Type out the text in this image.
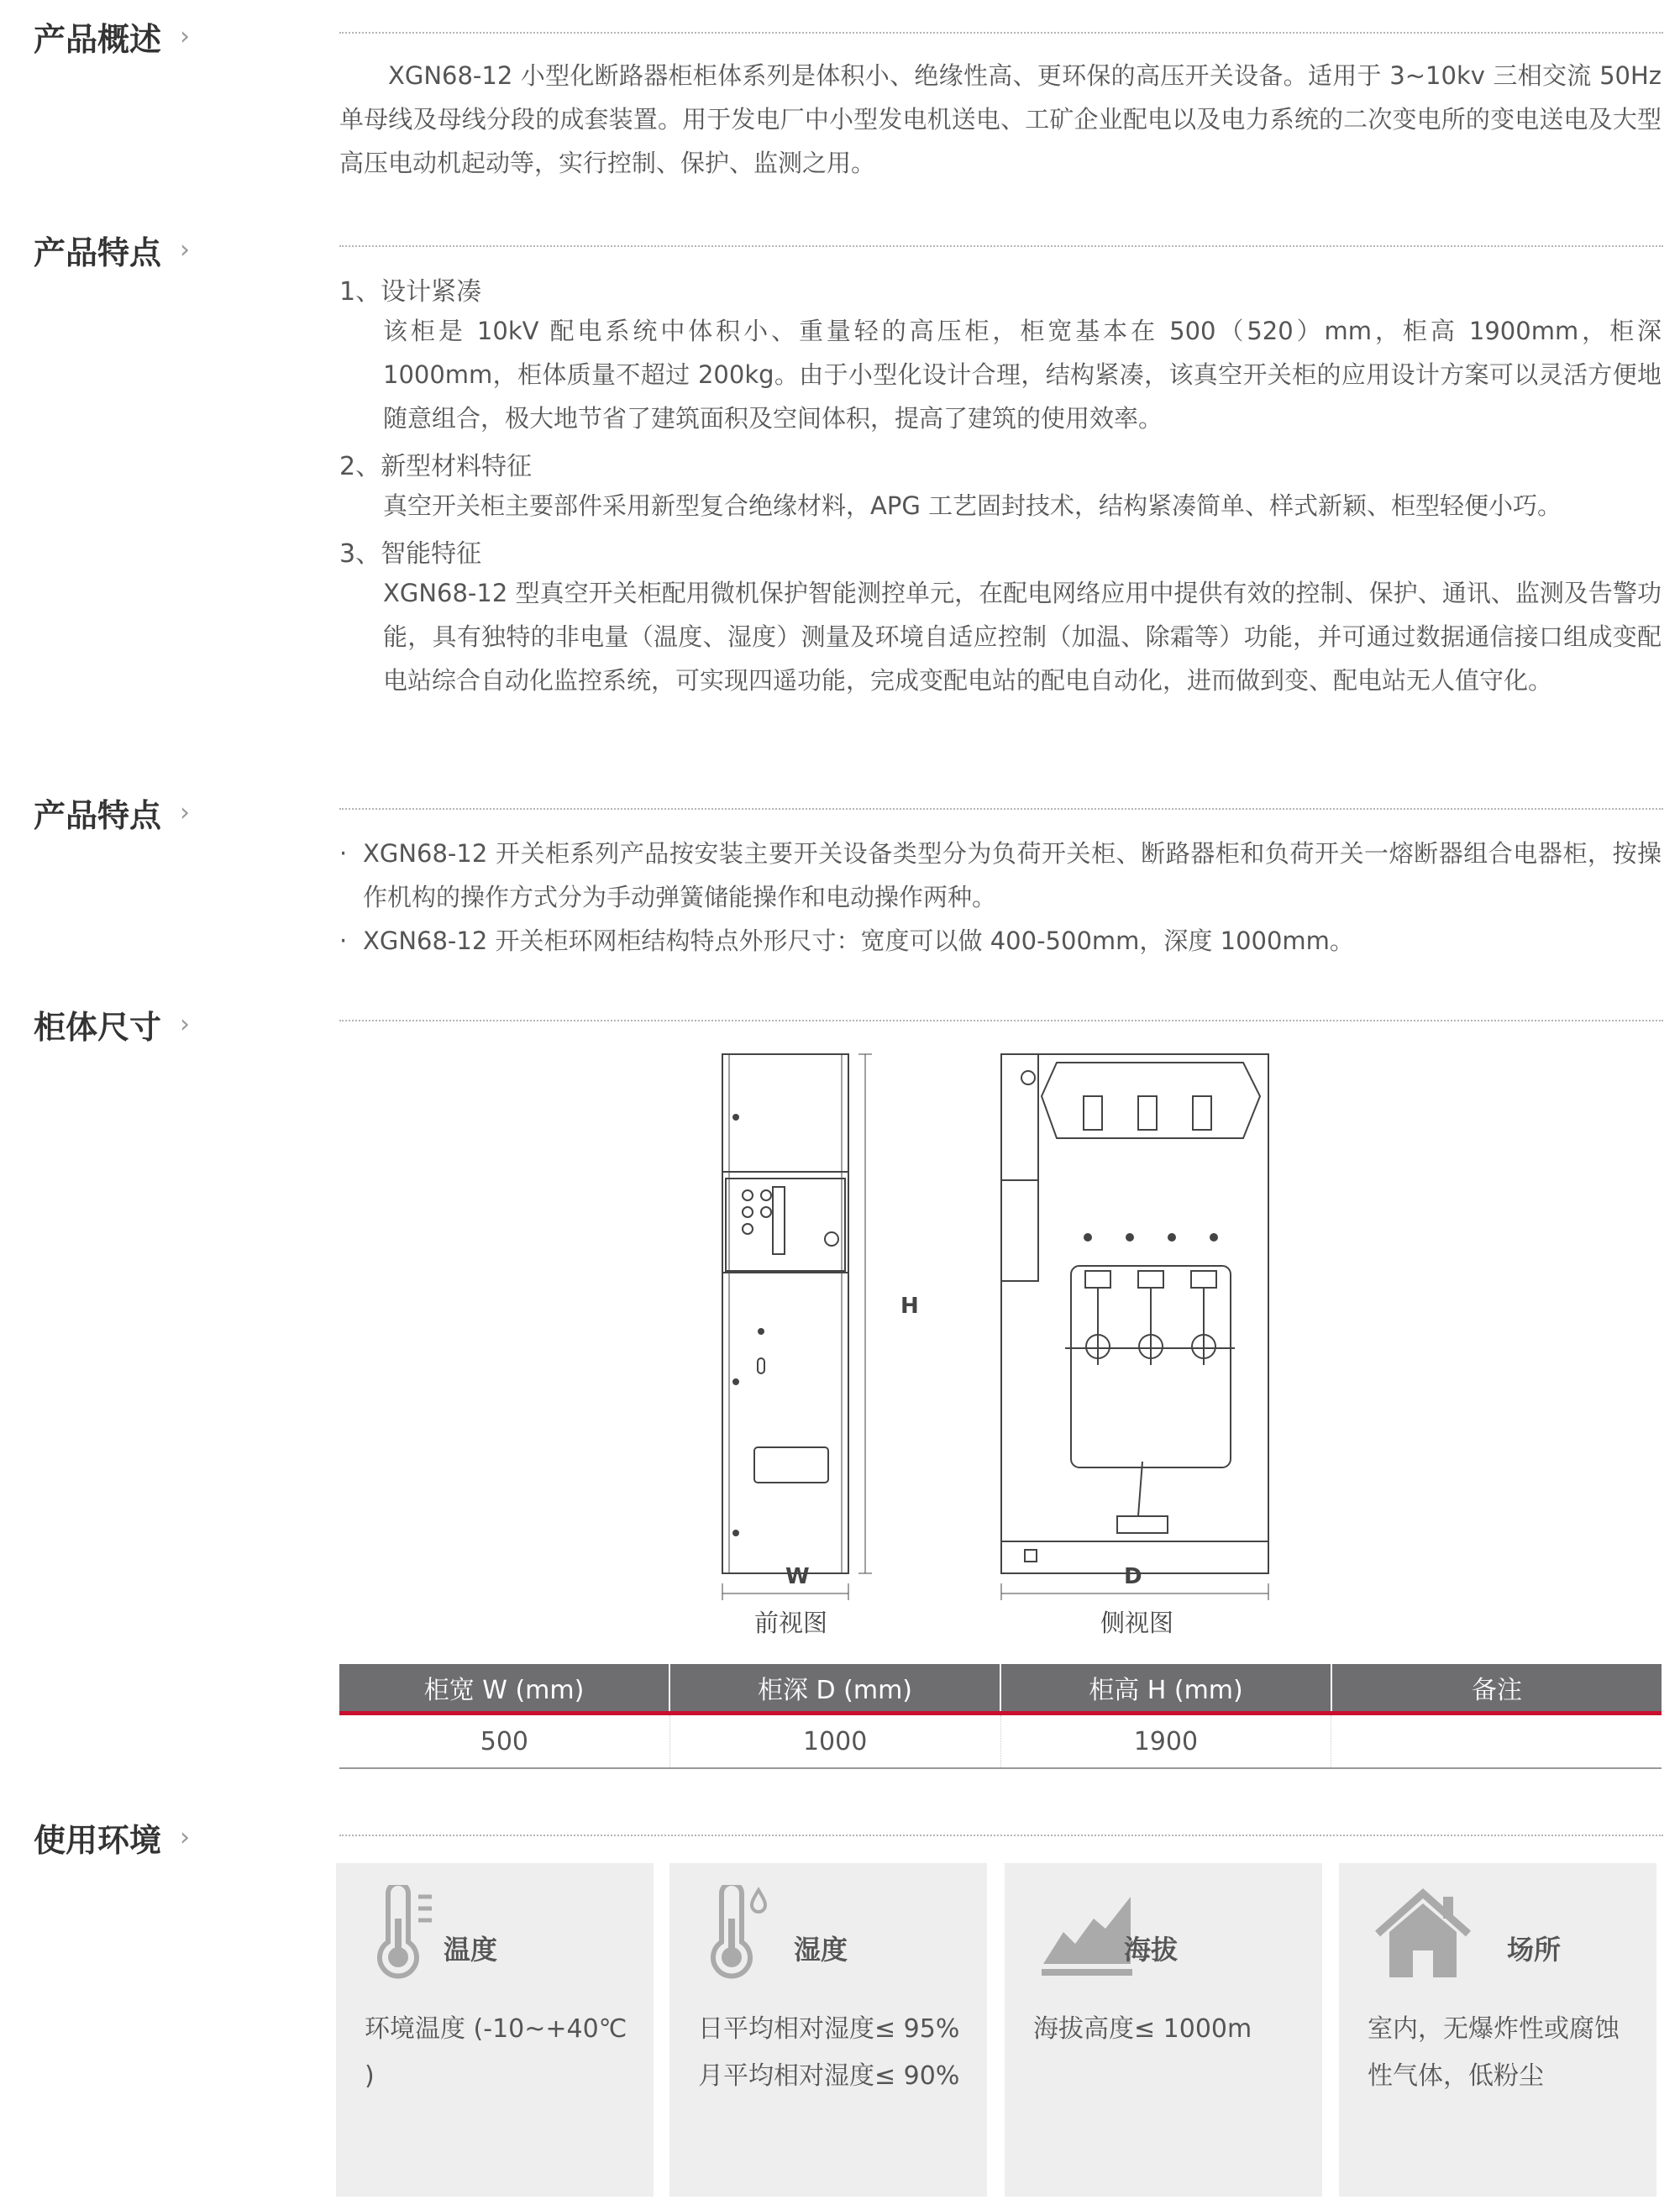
产品概述 ›
XGN68-12 小型化断路器柜柜体系列是体积小、绝缘性高、更环保的高压开关设备。适用于 3~10kv 三相交流 50Hz 单母线及母线分段的成套装置。用于发电厂中小型发电机送电、工矿企业配电以及电力系统的二次变电所的变电送电及大型高压电动机起动等，实行控制、保护、监测之用。
产品特点 ›
1、设计紧凑
该柜是 10kV 配电系统中体积小、重量轻的高压柜，柜宽基本在 500（520）mm，柜高 1900mm，柜深 1000mm，柜体质量不超过 200kg。由于小型化设计合理，结构紧凑，该真空开关柜的应用设计方案可以灵活方便地随意组合，极大地节省了建筑面积及空间体积，提高了建筑的使用效率。
2、新型材料特征
真空开关柜主要部件采用新型复合绝缘材料，APG 工艺固封技术，结构紧凑简单、样式新颖、柜型轻便小巧。
3、智能特征
XGN68-12 型真空开关柜配用微机保护智能测控单元，在配电网络应用中提供有效的控制、保护、通讯、监测及告警功能，具有独特的非电量（温度、湿度）测量及环境自适应控制（加温、除霜等）功能，并可通过数据通信接口组成变配电站综合自动化监控系统，可实现四遥功能，完成变配电站的配电自动化，进而做到变、配电站无人值守化。
产品特点 ›
· XGN68-12 开关柜系列产品按安装主要开关设备类型分为负荷开关柜、断路器柜和负荷开关一熔断器组合电器柜，按操作机构的操作方式分为手动弹簧储能操作和电动操作两种。
· XGN68-12 开关柜环网柜结构特点外形尺寸：宽度可以做 400-500mm，深度 1000mm。
柜体尺寸 ›
W
H
前视图
D
侧视图
柜宽 W (mm)	柜深 D (mm)	柜高 H (mm)	备注
500	1000	1900
使用环境 ›
温度
环境温度 (-10~+40℃ )
湿度
日平均相对湿度≤ 95%
月平均相对湿度≤ 90%
海拔
海拔高度≤ 1000m
场所
室内，无爆炸性或腐蚀性气体，低粉尘
